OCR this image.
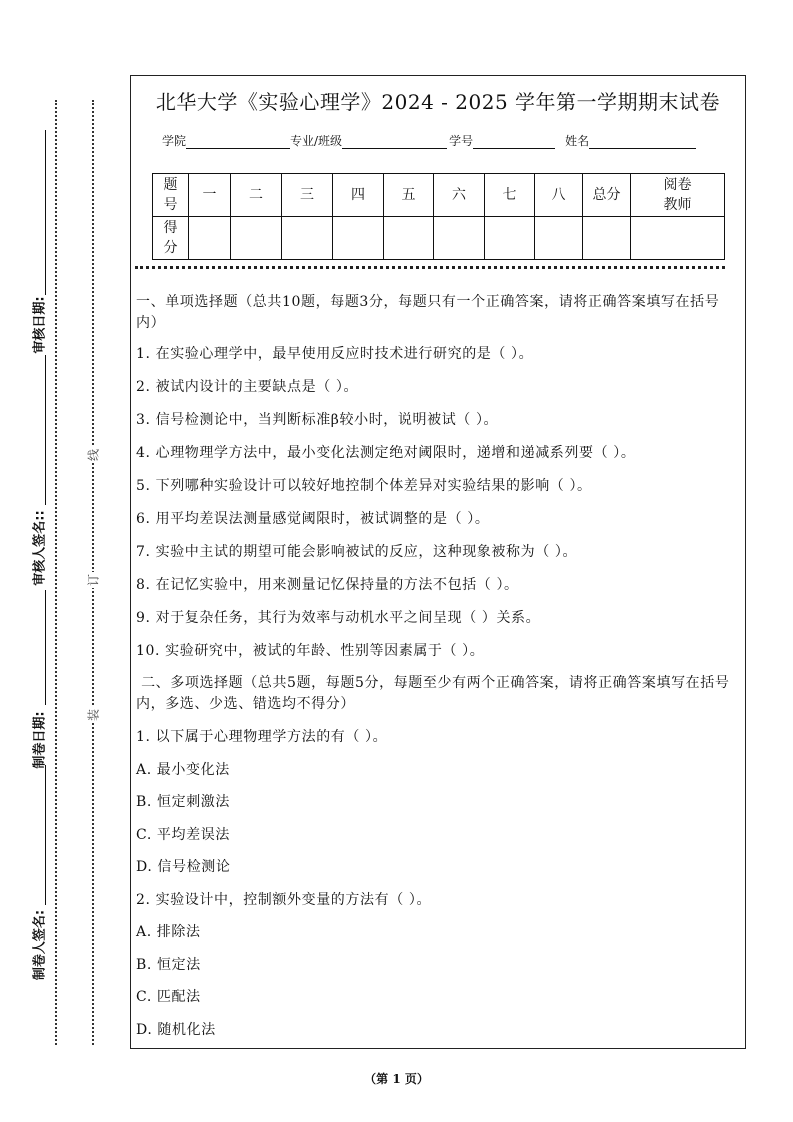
审核日期:
审核人签名::
制卷日期:
制卷人签名:
线
订
装
北华大学《实验心理学》2024 - 2025 学年第一学期期末试卷
学院	专业/班级	学号	姓名
题号	一	二	三	四	五	六	七	八	总分	阅卷教师
得分										
一、单项选择题（总共10题，每题3分，每题只有一个正确答案，请将正确答案填写在括号内）
1. 在实验心理学中，最早使用反应时技术进行研究的是（ ）。
2. 被试内设计的主要缺点是（ ）。
3. 信号检测论中，当判断标准β较小时，说明被试（ ）。
4. 心理物理学方法中，最小变化法测定绝对阈限时，递增和递减系列要（ ）。
5. 下列哪种实验设计可以较好地控制个体差异对实验结果的影响（ ）。
6. 用平均差误法测量感觉阈限时，被试调整的是（ ）。
7. 实验中主试的期望可能会影响被试的反应，这种现象被称为（ ）。
8. 在记忆实验中，用来测量记忆保持量的方法不包括（ ）。
9. 对于复杂任务，其行为效率与动机水平之间呈现（ ）关系。
10. 实验研究中，被试的年龄、性别等因素属于（ ）。
二、多项选择题（总共5题，每题5分，每题至少有两个正确答案，请将正确答案填写在括号内，多选、少选、错选均不得分）
1. 以下属于心理物理学方法的有（ ）。
A. 最小变化法
B. 恒定刺激法
C. 平均差误法
D. 信号检测论
2. 实验设计中，控制额外变量的方法有（ ）。
A. 排除法
B. 恒定法
C. 匹配法
D. 随机化法
（第 1 页）
